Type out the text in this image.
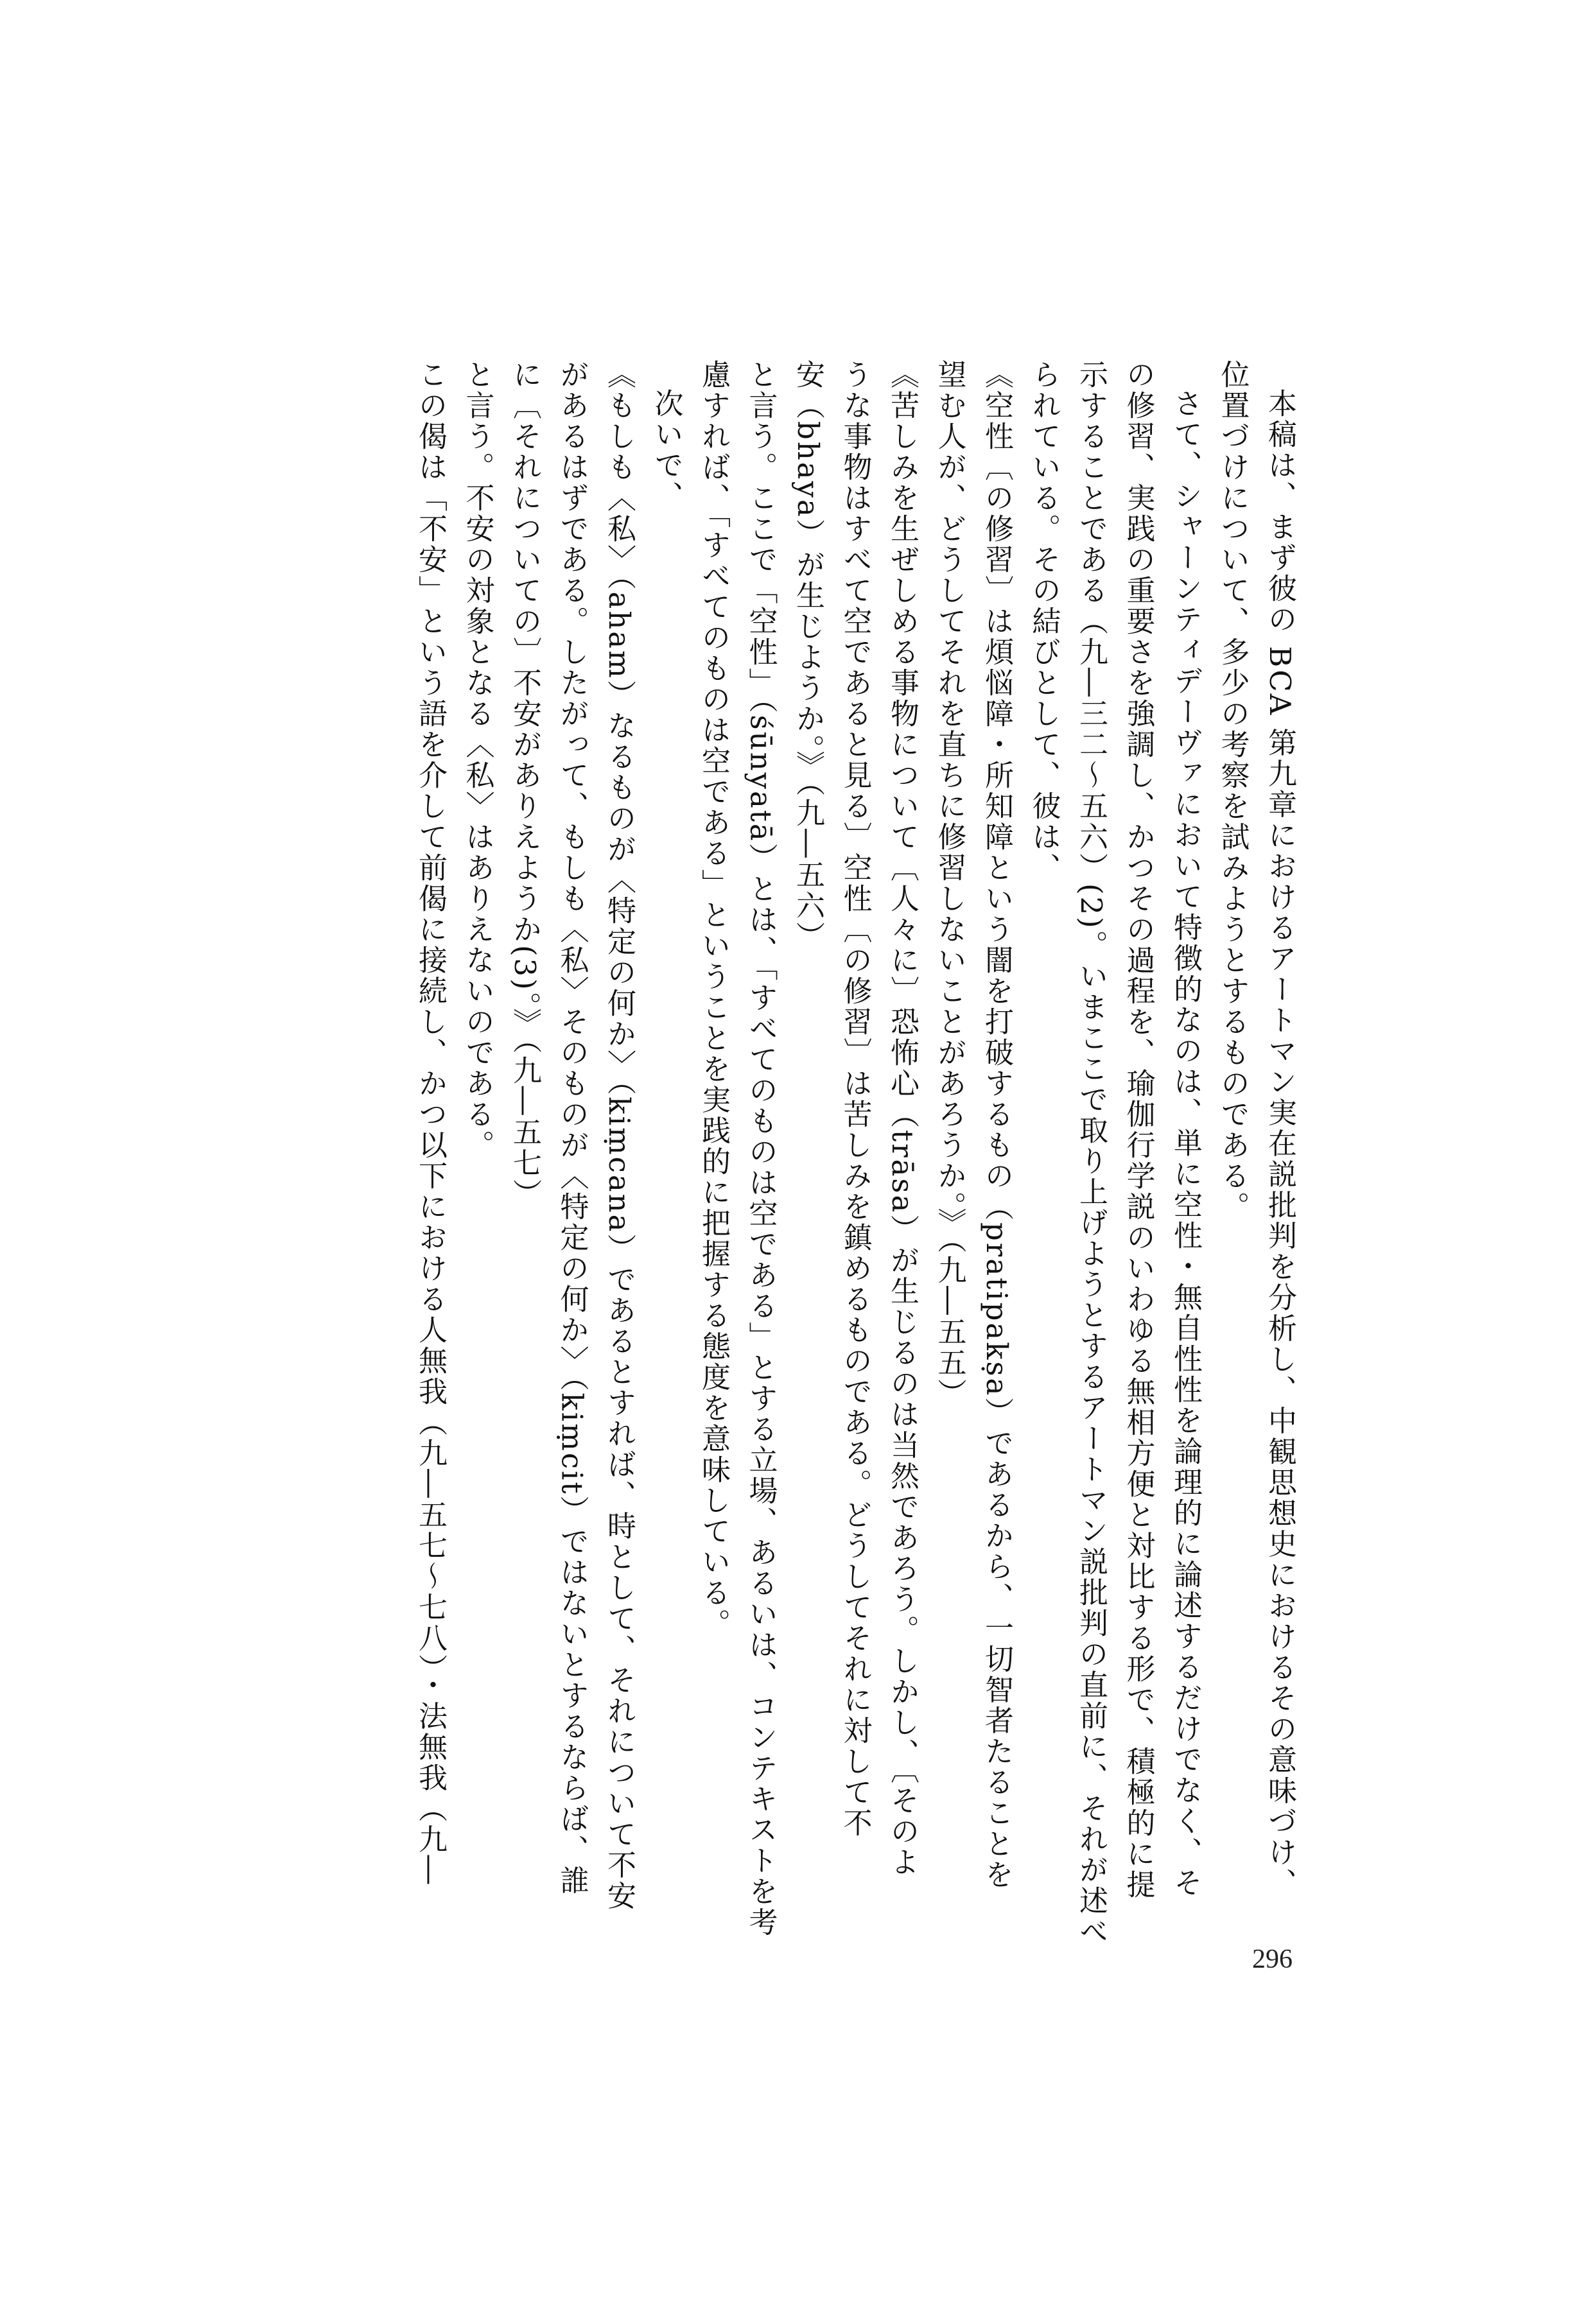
本稿は、まず彼の BCA 第九章におけるアートマン実在説批判を分析し、中観思想史におけるその意味づけ、
位置づけについて、多少の考察を試みようとするものである。
さて、シャーンティデーヴァにおいて特徴的なのは、単に空性・無自性性を論理的に論述するだけでなく、そ
の修習、実践の重要さを強調し、かつその過程を、瑜伽行学説のいわゆる無相方便と対比する形で、積極的に提
示することである（九―三二～五六）(2)。いまここで取り上げようとするアートマン説批判の直前に、それが述べ
られている。その結びとして、彼は、
《空性〔の修習〕は煩悩障・所知障という闇を打破するもの（pratipakṣa）であるから、一切智者たることを
望む人が、どうしてそれを直ちに修習しないことがあろうか。》（九―五五）
《苦しみを生ぜしめる事物について〔人々に〕恐怖心（trāsa）が生じるのは当然であろう。しかし、〔そのよ
うな事物はすべて空であると見る〕空性〔の修習〕は苦しみを鎮めるものである。どうしてそれに対して不
安（bhaya）が生じようか。》（九―五六）
と言う。ここで「空性」（śūnyatā）とは、「すべてのものは空である」とする立場、あるいは、コンテキストを考
慮すれば、「すべてのものは空である」ということを実践的に把握する態度を意味している。
次いで、
《もしも〈私〉（aham）なるものが〈特定の何か〉（kiṃcana）であるとすれば、時として、それについて不安
があるはずである。したがって、もしも〈私〉そのものが〈特定の何か〉（kiṃcit）ではないとするならば、誰
に〔それについての〕不安がありえようか(3)。》（九―五七）
と言う。不安の対象となる〈私〉はありえないのである。
この偈は「不安」という語を介して前偈に接続し、かつ以下における人無我（九―五七～七八）・法無我（九―
296
